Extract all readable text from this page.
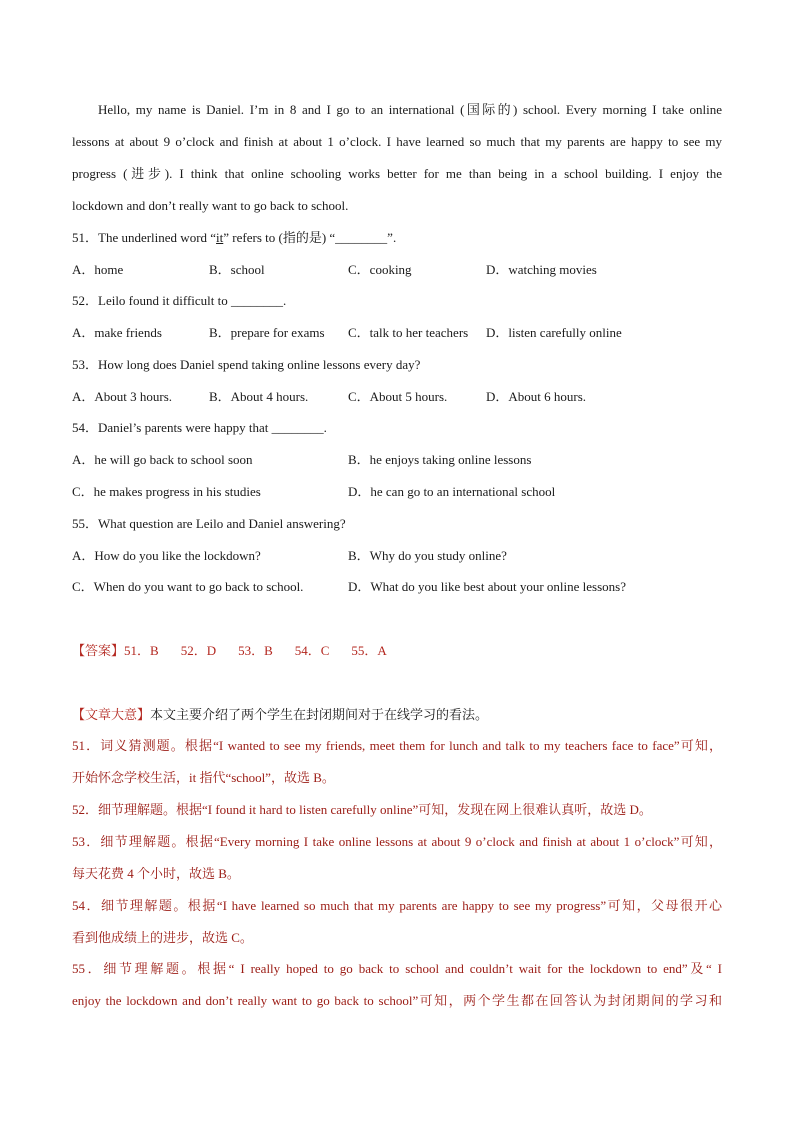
Hello, my name is Daniel. I’m in 8 and I go to an international (国际的) school. Every morning I take online
lessons at about 9 o’clock and finish at about 1 o’clock. I have learned so much that my parents are happy to see my
progress (进步). I think that online schooling works better for me than being in a school building. I enjoy the
lockdown and don’t really want to go back to school.
51．The underlined word “it” refers to (指的是) “________”.
A．home	B．school	C．cooking	D．watching movies
52．Leilo found it difficult to ________.
A．make friends	B．prepare for exams C．talk to her teachers D．listen carefully online
53．How long does Daniel spend taking online lessons every day?
A．About 3 hours.	B．About 4 hours.	C．About 5 hours.	D．About 6 hours.
54．Daniel’s parents were happy that ________.
A．he will go back to school soon	B．he enjoys taking online lessons
C．he makes progress in his studies	D．he can go to an international school
55．What question are Leilo and Daniel answering?
A．How do you like the lockdown?	B．Why do you study online?
C．When do you want to go back to school.	D．What do you like best about your online lessons?
【答案】51．B 52．D 53．B 54．C 55．A
【文章大意】本文主要介绍了两个学生在封闭期间对于在线学习的看法。
51．词义猜测题。根据“I wanted to see my friends, meet them for lunch and talk to my teachers face to face”可知，
开始怀念学校生活，it 指代“school”，故选 B。
52．细节理解题。根据“I found it hard to listen carefully online”可知，发现在网上很难认真听，故选 D。
53．细节理解题。根据“Every morning I take online lessons at about 9 o’clock and finish at about 1 o’clock”可知，
每天花费 4 个小时，故选 B。
54．细节理解题。根据“I have learned so much that my parents are happy to see my progress”可知，父母很开心
看到他成绩上的进步，故选 C。
55．细节理解题。根据“ I really hoped to go back to school and couldn’t wait for the lockdown to end”及“ I
enjoy the lockdown and don’t really want to go back to school”可知，两个学生都在回答认为封闭期间的学习和
